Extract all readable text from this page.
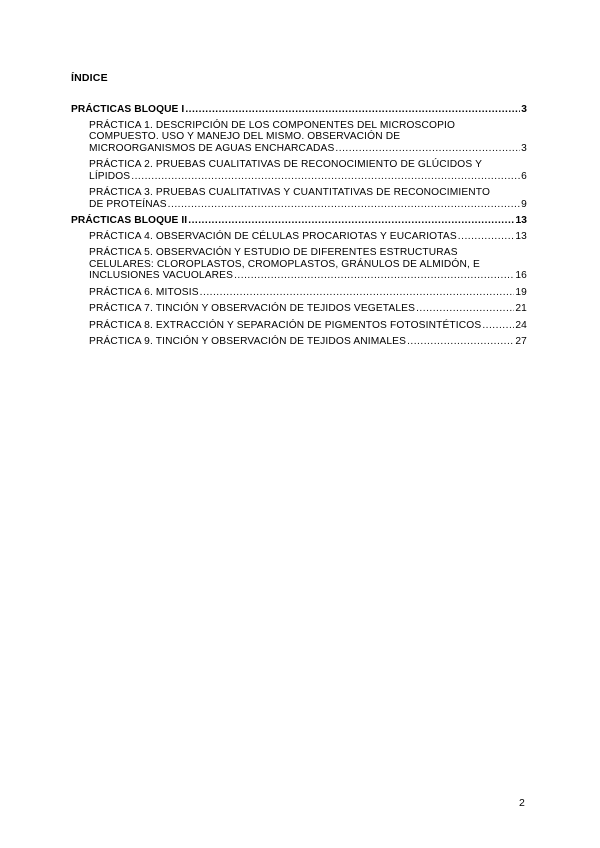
ÍNDICE
PRÁCTICAS BLOQUE I .....	3
PRÁCTICA 1. DESCRIPCIÓN DE LOS COMPONENTES DEL MICROSCOPIO
COMPUESTO. USO Y MANEJO DEL MISMO. OBSERVACIÓN DE
MICROORGANISMOS DE AGUAS ENCHARCADAS .....	3
PRÁCTICA 2. PRUEBAS CUALITATIVAS DE RECONOCIMIENTO DE GLÚCIDOS Y
LÍPIDOS .....	6
PRÁCTICA 3. PRUEBAS CUALITATIVAS Y CUANTITATIVAS DE RECONOCIMIENTO
DE PROTEÍNAS .....	9
PRÁCTICAS BLOQUE II .....	13
PRÁCTICA 4. OBSERVACIÓN DE CÉLULAS PROCARIOTAS Y EUCARIOTAS .....	13
PRÁCTICA 5. OBSERVACIÓN Y ESTUDIO DE DIFERENTES ESTRUCTURAS
CELULARES: CLOROPLASTOS, CROMOPLASTOS, GRÁNULOS DE ALMIDÓN, E
INCLUSIONES VACUOLARES .....	16
PRÁCTICA 6. MITOSIS .....	19
PRÁCTICA 7. TINCIÓN Y OBSERVACIÓN DE TEJIDOS VEGETALES .....	21
PRÁCTICA 8. EXTRACCIÓN Y SEPARACIÓN DE PIGMENTOS FOTOSINTÉTICOS .....	24
PRÁCTICA 9. TINCIÓN Y OBSERVACIÓN DE TEJIDOS ANIMALES .....	27
2
